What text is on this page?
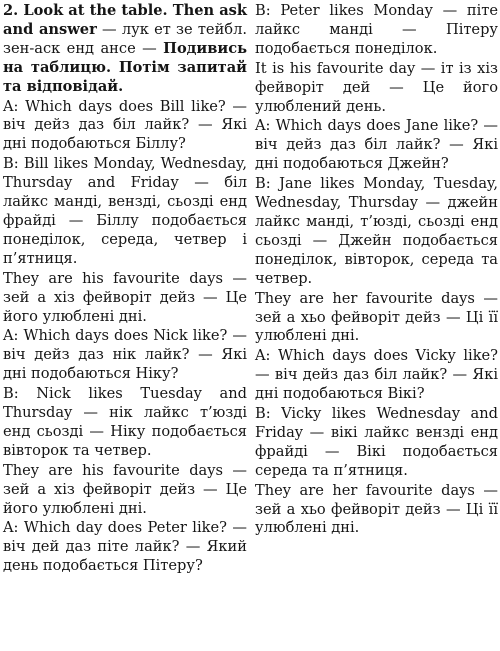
2. Look at the table. Then ask and answer — лук ет зе тейбл. зен-аск енд ансе — Подивись на таблицю. Потім запитай та відповідай.

A: Which days does Bill like? — віч дейз даз біл лайк? — Які дні подобаються Біллу?

B: Bill likes Monday, Wednesday, Thursday and Friday — біл лайкс манді, вензді, сьозді енд фрайді — Біллу подобається понеділок, середа, четвер і п’ятниця.

They are his favourite days — зей а хіз фейворіт дейз — Це його улюблені дні.

A: Which days does Nick like? — віч дейз даз нік лайк? — Які дні подобаються Ніку?

B: Nick likes Tuesday and Thursday — нік лайкс т’юзді енд сьозді — Ніку подобається вівторок та четвер.

They are his favourite days — зей а хіз фейворіт дейз — Це його улюблені дні.

A: Which day does Peter like? — віч дей даз піте лайк? — Який день подобається Пітеру?

B: Peter likes Monday — піте лайкс манді — Пітеру подобається понеділок.

It is his favourite day — іт із хіз фейворіт дей — Це його улюблений день.

A: Which days does Jane like? — віч дейз даз біл лайк? — Які дні подобаються Джейн?

B: Jane likes Monday, Tuesday, Wednesday, Thursday — джейн лайкс манді, т’юзді, сьозді енд сьозді — Джейн подобається понеділок, вівторок, середа та четвер.

They are her favourite days — зей а хьо фейворіт дейз — Ці її улюблені дні.

A: Which days does Vicky like? — віч дейз даз біл лайк? — Які дні подобаються Вікі?

B: Vicky likes Wednesday and Friday — вікі лайкс вензді енд фрайді — Вікі подобається середа та п’ятниця.

They are her favourite days — зей а хьо фейворіт дейз — Ці її улюблені дні.
